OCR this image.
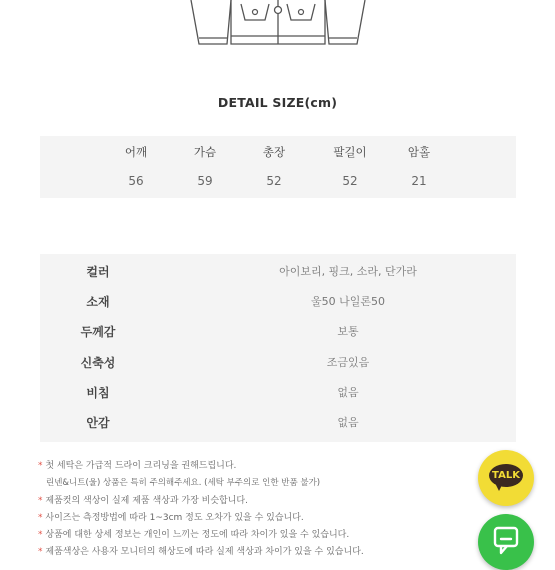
DETAIL SIZE(cm)
어깨	가슴	총장	팔길이	암홀
56	59	52	52	21
컬러	아이보리, 핑크, 소라, 단가라
소재	울50 나일론50
두께감	보통
신축성	조금있음
비침	없음
안감	없음
* 첫 세탁은 가급적 드라이 크리닝을 권해드립니다.
린넨&니트(울) 상품은 특히 주의해주세요. (세탁 부주의로 인한 반품 불가)
* 제품컷의 색상이 실제 제품 색상과 가장 비슷합니다.
* 사이즈는 측정방법에 따라 1~3cm 정도 오차가 있을 수 있습니다.
* 상품에 대한 상세 정보는 개인이 느끼는 정도에 따라 차이가 있을 수 있습니다.
* 제품색상은 사용자 모니터의 해상도에 따라 실제 색상과 차이가 있을 수 있습니다.
TALK
